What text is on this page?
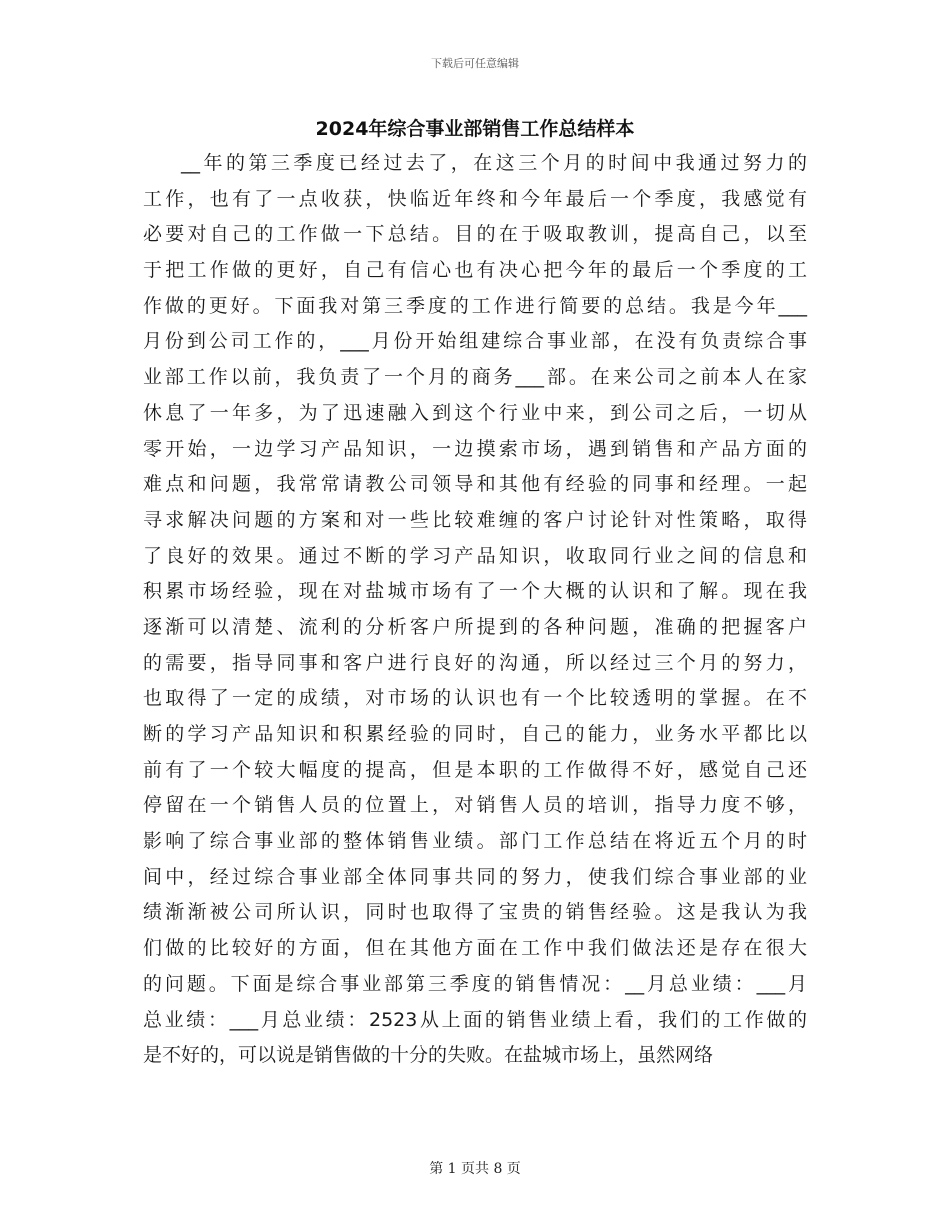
下载后可任意编辑
2024年综合事业部销售工作总结样本
__年的第三季度已经过去了，在这三个月的时间中我通过努力的
工作，也有了一点收获，快临近年终和今年最后一个季度，我感觉有
必要对自己的工作做一下总结。目的在于吸取教训，提高自己，以至
于把工作做的更好，自己有信心也有决心把今年的最后一个季度的工
作做的更好。下面我对第三季度的工作进行简要的总结。我是今年___
月份到公司工作的，___月份开始组建综合事业部，在没有负责综合事
业部工作以前，我负责了一个月的商务___部。在来公司之前本人在家
休息了一年多，为了迅速融入到这个行业中来，到公司之后，一切从
零开始，一边学习产品知识，一边摸索市场，遇到销售和产品方面的
难点和问题，我常常请教公司领导和其他有经验的同事和经理。一起
寻求解决问题的方案和对一些比较难缠的客户讨论针对性策略，取得
了良好的效果。通过不断的学习产品知识，收取同行业之间的信息和
积累市场经验，现在对盐城市场有了一个大概的认识和了解。现在我
逐渐可以清楚、流利的分析客户所提到的各种问题，准确的把握客户
的需要，指导同事和客户进行良好的沟通，所以经过三个月的努力，
也取得了一定的成绩，对市场的认识也有一个比较透明的掌握。在不
断的学习产品知识和积累经验的同时，自己的能力，业务水平都比以
前有了一个较大幅度的提高，但是本职的工作做得不好，感觉自己还
停留在一个销售人员的位置上，对销售人员的培训，指导力度不够，
影响了综合事业部的整体销售业绩。部门工作总结在将近五个月的时
间中，经过综合事业部全体同事共同的努力，使我们综合事业部的业
绩渐渐被公司所认识，同时也取得了宝贵的销售经验。这是我认为我
们做的比较好的方面，但在其他方面在工作中我们做法还是存在很大
的问题。下面是综合事业部第三季度的销售情况：__月总业绩：___月
总业绩：___月总业绩：2523从上面的销售业绩上看，我们的工作做的
是不好的，可以说是销售做的十分的失败。在盐城市场上，虽然网络
第 1 页共 8 页
